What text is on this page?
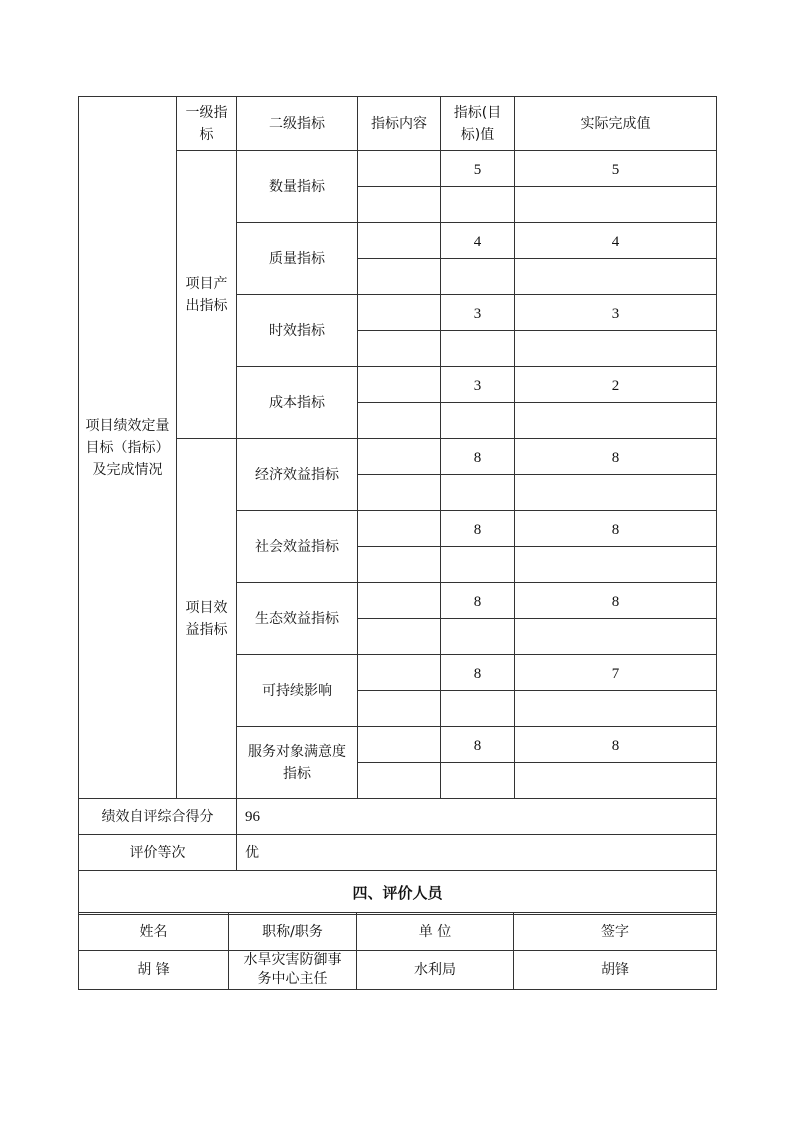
项目绩效定量目标（指标）及完成情况	一级指标	二级指标	指标内容	指标(目标)值	实际完成值
	项目产出指标	数量指标		5	5

		质量指标		4	4

		时效指标		3	3

		成本指标		3	2

	项目效益指标	经济效益指标		8	8

		社会效益指标		8	8

		生态效益指标		8	8

		可持续影响		8	7

		服务对象满意度指标		8	8

绩效自评综合得分		96			
评价等次		优			
四、评价人员					
姓名	职称/职务	单 位	签字
胡 锋	水旱灾害防御事务中心主任	水利局	胡锋
